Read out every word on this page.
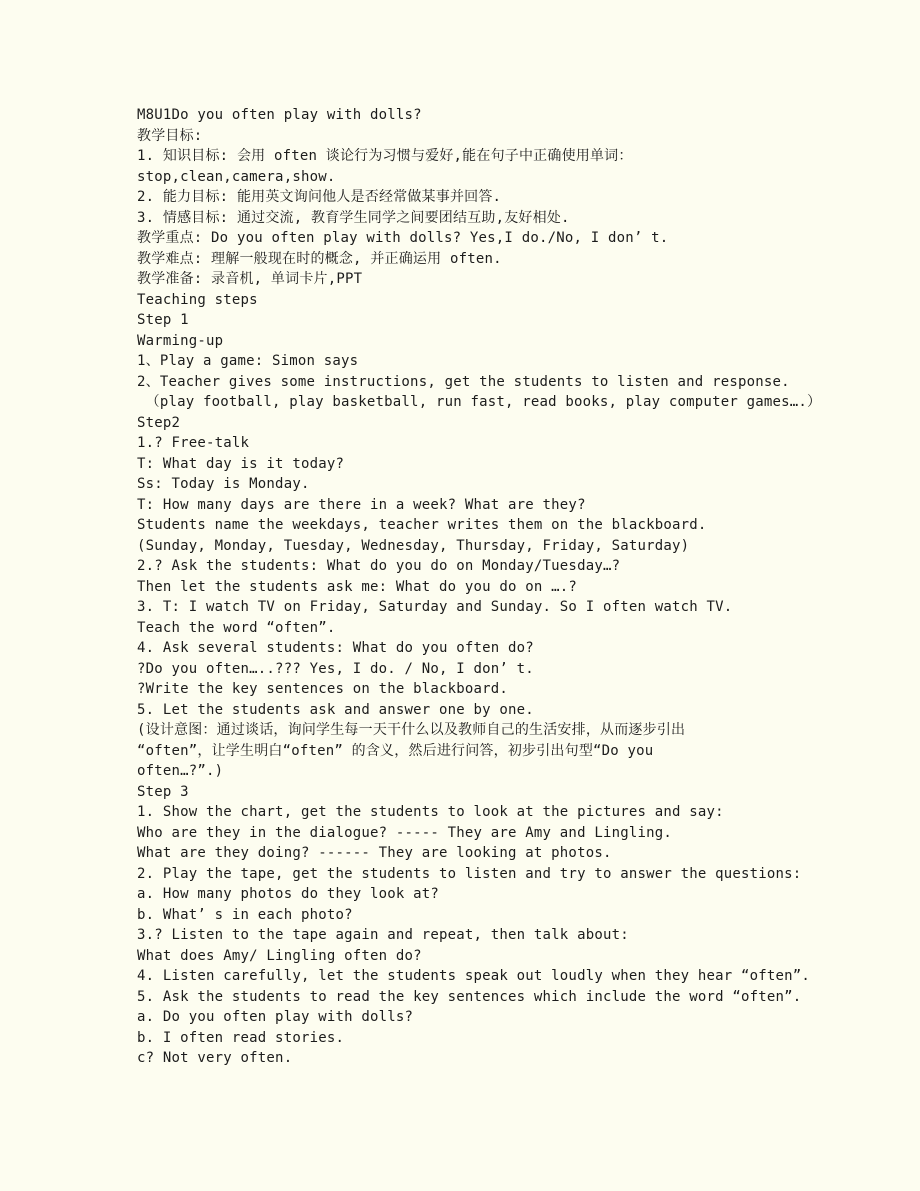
M8U1Do you often play with dolls?
教学目标:
1. 知识目标: 会用 often 谈论行为习惯与爱好,能在句子中正确使用单词：
stop,clean,camera,show.
2. 能力目标: 能用英文询问他人是否经常做某事并回答.
3. 情感目标: 通过交流, 教育学生同学之间要团结互助,友好相处.
教学重点: Do you often play with dolls? Yes,I do./No, I don’ t.
教学难点: 理解一般现在时的概念, 并正确运用 often.
教学准备: 录音机, 单词卡片,PPT
Teaching steps
Step 1
Warming-up
1、Play a game: Simon says
2、Teacher gives some instructions, get the students to listen and response.
（play football, play basketball, run fast, read books, play computer games….）
Step2
1.? Free-talk
T: What day is it today?
Ss: Today is Monday.
T: How many days are there in a week? What are they?
Students name the weekdays, teacher writes them on the blackboard.
(Sunday, Monday, Tuesday, Wednesday, Thursday, Friday, Saturday)
2.? Ask the students: What do you do on Monday/Tuesday…?
Then let the students ask me: What do you do on ….?
3. T: I watch TV on Friday, Saturday and Sunday. So I often watch TV.
Teach the word “often”.
4. Ask several students: What do you often do?
?Do you often…..??? Yes, I do. / No, I don’ t.
?Write the key sentences on the blackboard.
5. Let the students ask and answer one by one.
(设计意图：通过谈话，询问学生每一天干什么以及教师自己的生活安排，从而逐步引出
“often”，让学生明白“often” 的含义，然后进行问答，初步引出句型“Do you
often…?”.)
Step 3
1. Show the chart, get the students to look at the pictures and say:
Who are they in the dialogue? ----- They are Amy and Lingling.
What are they doing? ------ They are looking at photos.
2. Play the tape, get the students to listen and try to answer the questions:
a. How many photos do they look at?
b. What’ s in each photo?
3.? Listen to the tape again and repeat, then talk about:
What does Amy/ Lingling often do?
4. Listen carefully, let the students speak out loudly when they hear “often”.
5. Ask the students to read the key sentences which include the word “often”.
a. Do you often play with dolls?
b. I often read stories.
c? Not very often.
